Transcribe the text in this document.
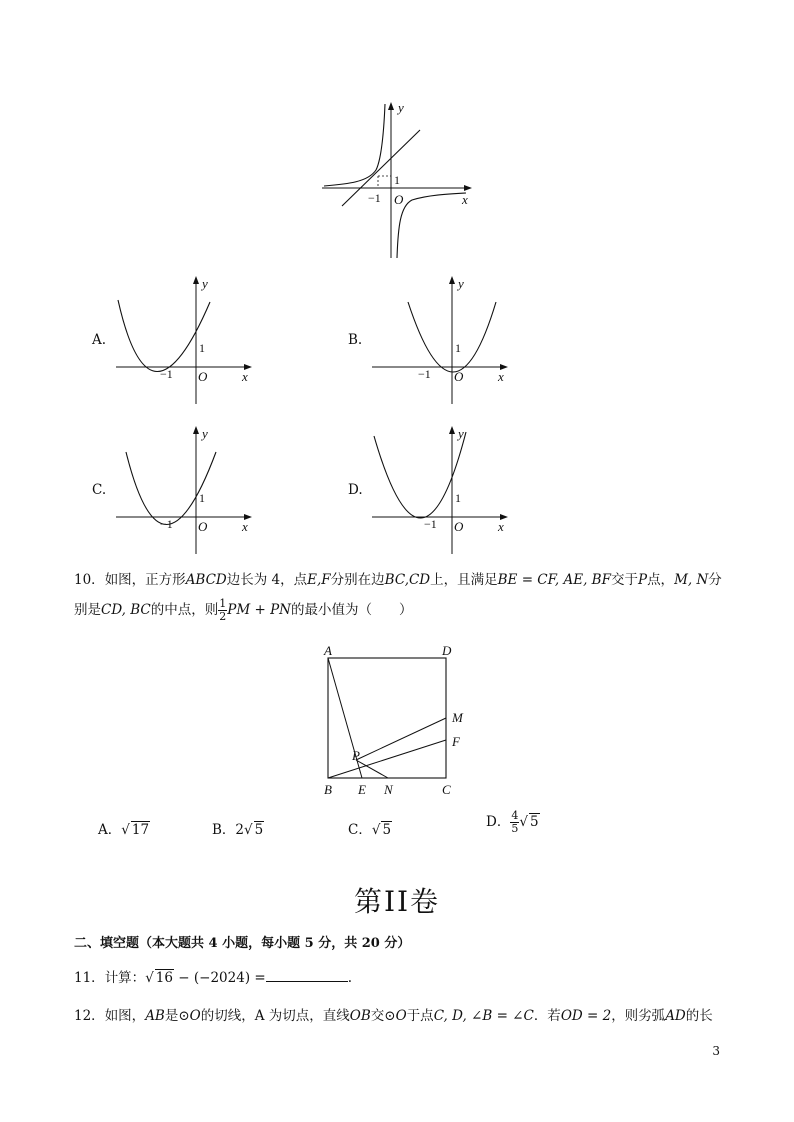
y
x
O
−1
1
A.
y
x
O
−1
1	B.
y
x
O
−1
1
C.
y
x
O
−1
1	D.
y
x
O
−1
1
10．如图，正方形ABCD边长为 4，点E,F分别在边BC,CD上，且满足BE = CF, AE, BF交于P点，M, N分
别是CD, BC的中点，则 $\frac{1}{2}$ PM + PN的最小值为（　　）
A	D
M
F
P
B E N	C
A．√ 17	B．2√ 5	C．√ 5	D． $\frac{4}{5}$ √ 5
第II卷
二、填空题（本大题共 4 小题，每小题 5 分，共 20 分）
11．计算：√ 16 − (−2024) =	.
12．如图，AB是⊙O的切线，A 为切点，直线OB交⊙O于点C, D, ∠B = ∠C．若OD = 2，则劣弧AD的长
3
